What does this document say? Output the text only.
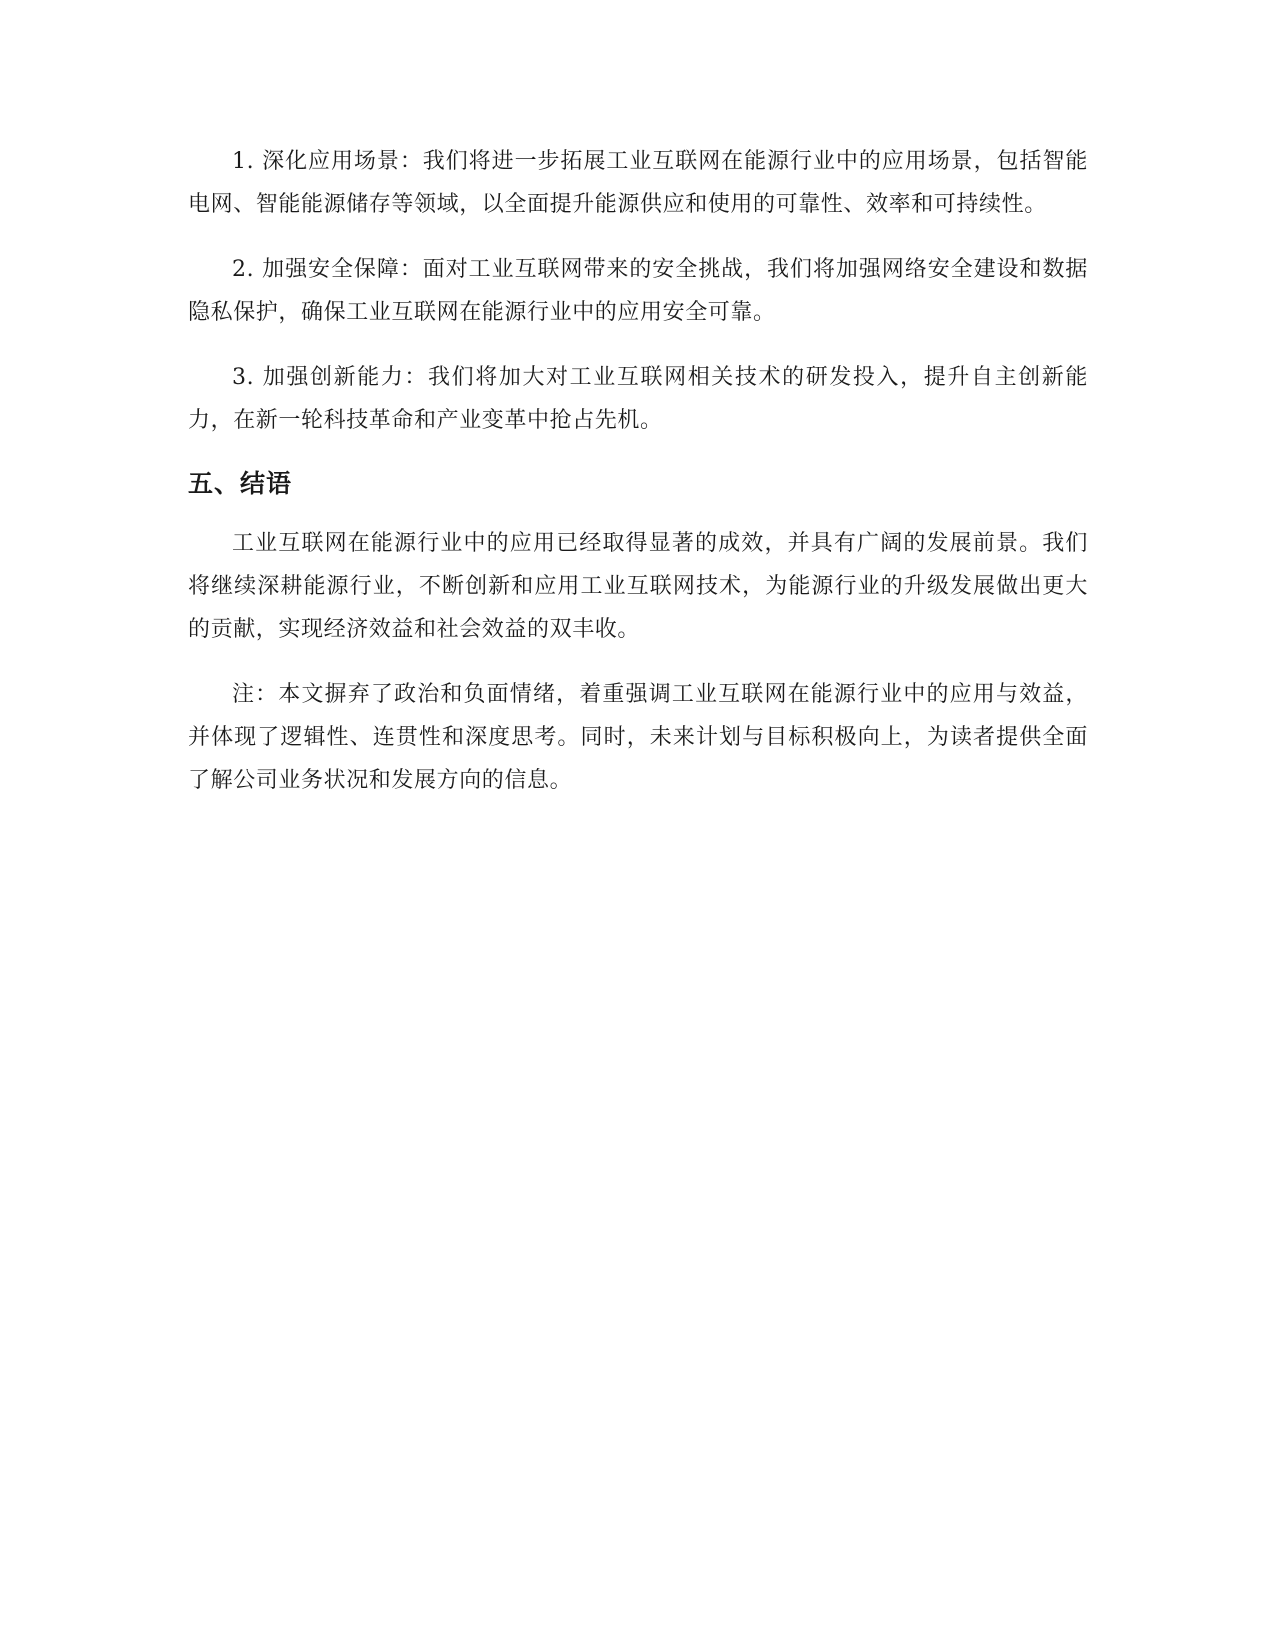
1. 深化应用场景：我们将进一步拓展工业互联网在能源行业中的应用场景，包括智能电网、智能能源储存等领域，以全面提升能源供应和使用的可靠性、效率和可持续性。

2. 加强安全保障：面对工业互联网带来的安全挑战，我们将加强网络安全建设和数据隐私保护，确保工业互联网在能源行业中的应用安全可靠。

3. 加强创新能力：我们将加大对工业互联网相关技术的研发投入，提升自主创新能力，在新一轮科技革命和产业变革中抢占先机。

五、结语

工业互联网在能源行业中的应用已经取得显著的成效，并具有广阔的发展前景。我们将继续深耕能源行业，不断创新和应用工业互联网技术，为能源行业的升级发展做出更大的贡献，实现经济效益和社会效益的双丰收。

注：本文摒弃了政治和负面情绪，着重强调工业互联网在能源行业中的应用与效益，并体现了逻辑性、连贯性和深度思考。同时，未来计划与目标积极向上，为读者提供全面了解公司业务状况和发展方向的信息。
